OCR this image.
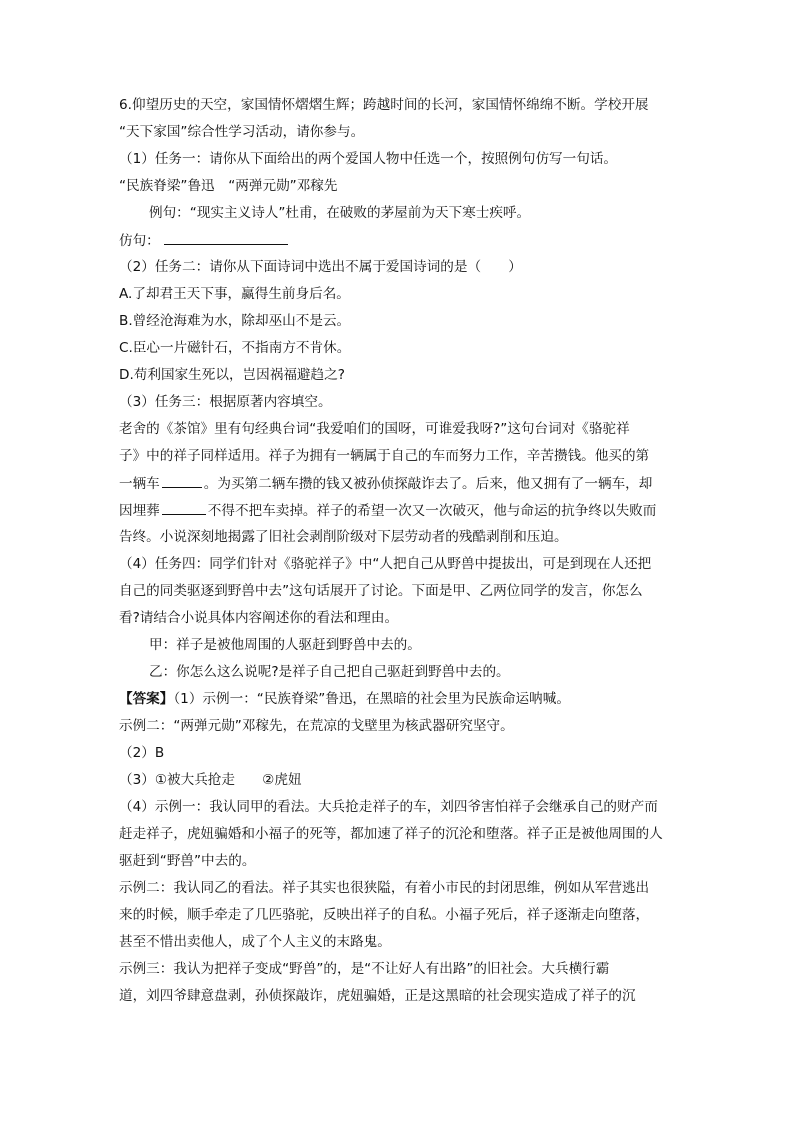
6.仰望历史的天空，家国情怀熠熠生辉；跨越时间的长河，家国情怀绵绵不断。学校开展
“天下家国”综合性学习活动，请你参与。
（1）任务一：请你从下面给出的两个爱国人物中任选一个，按照例句仿写一句话。
“民族脊梁”鲁迅　“两弹元勋”邓稼先
例句：“现实主义诗人”杜甫，在破败的茅屋前为天下寒士疾呼。
仿句：
（2）任务二：请你从下面诗词中选出不属于爱国诗词的是（　　）
A.了却君王天下事，赢得生前身后名。
B.曾经沧海难为水，除却巫山不是云。
C.臣心一片磁针石，不指南方不肯休。
D.苟利国家生死以，岂因祸福避趋之?
（3）任务三：根据原著内容填空。
老舍的《茶馆》里有句经典台词“我爱咱们的国呀，可谁爱我呀?”这句台词对《骆驼祥
子》中的祥子同样适用。祥子为拥有一辆属于自己的车而努力工作，辛苦攒钱。他买的第
一辆车	。为买第二辆车攒的钱又被孙侦探敲诈去了。后来，他又拥有了一辆车，却
因埋葬	不得不把车卖掉。祥子的希望一次又一次破灭，他与命运的抗争终以失败而
告终。小说深刻地揭露了旧社会剥削阶级对下层劳动者的残酷剥削和压迫。
（4）任务四：同学们针对《骆驼祥子》中“人把自己从野兽中提拔出，可是到现在人还把
自己的同类驱逐到野兽中去”这句话展开了讨论。下面是甲、乙两位同学的发言，你怎么
看?请结合小说具体内容阐述你的看法和理由。
甲：祥子是被他周围的人驱赶到野兽中去的。
乙：你怎么这么说呢?是祥子自己把自己驱赶到野兽中去的。
【答案】（1）示例一：“民族脊梁”鲁迅，在黑暗的社会里为民族命运呐喊。
示例二：“两弹元勋”邓稼先，在荒凉的戈壁里为核武器研究坚守。
（2）B
（3）①被大兵抢走　　②虎妞
（4）示例一：我认同甲的看法。大兵抢走祥子的车，刘四爷害怕祥子会继承自己的财产而
赶走祥子，虎妞骗婚和小福子的死等，都加速了祥子的沉沦和堕落。祥子正是被他周围的人
驱赶到“野兽”中去的。
示例二：我认同乙的看法。祥子其实也很狭隘，有着小市民的封闭思维，例如从军营逃出
来的时候，顺手牵走了几匹骆驼，反映出祥子的自私。小福子死后，祥子逐渐走向堕落，
甚至不惜出卖他人，成了个人主义的末路鬼。
示例三：我认为把祥子变成“野兽”的，是“不让好人有出路”的旧社会。大兵横行霸
道，刘四爷肆意盘剥，孙侦探敲诈，虎妞骗婚，正是这黑暗的社会现实造成了祥子的沉
